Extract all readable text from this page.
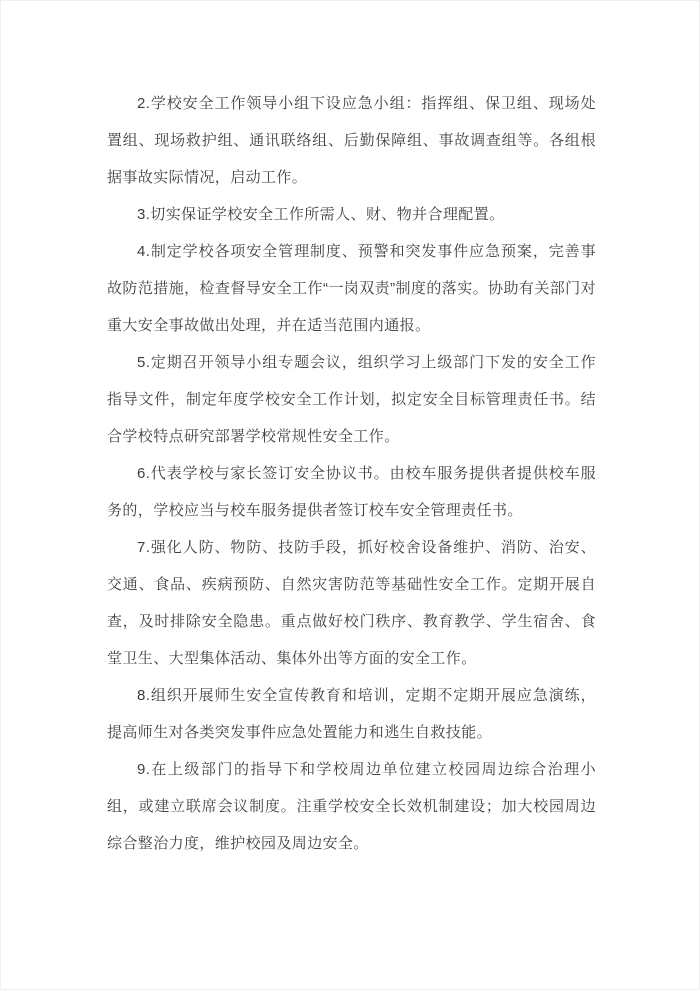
2.学校安全工作领导小组下设应急小组：指挥组、保卫组、现场处置组、现场救护组、通讯联络组、后勤保障组、事故调查组等。各组根据事故实际情况，启动工作。

3.切实保证学校安全工作所需人、财、物并合理配置。

4.制定学校各项安全管理制度、预警和突发事件应急预案，完善事故防范措施，检查督导安全工作“一岗双责”制度的落实。协助有关部门对重大安全事故做出处理，并在适当范围内通报。

5.定期召开领导小组专题会议，组织学习上级部门下发的安全工作指导文件，制定年度学校安全工作计划，拟定安全目标管理责任书。结合学校特点研究部署学校常规性安全工作。

6.代表学校与家长签订安全协议书。由校车服务提供者提供校车服务的，学校应当与校车服务提供者签订校车安全管理责任书。

7.强化人防、物防、技防手段，抓好校舍设备维护、消防、治安、交通、食品、疾病预防、自然灾害防范等基础性安全工作。定期开展自查，及时排除安全隐患。重点做好校门秩序、教育教学、学生宿舍、食堂卫生、大型集体活动、集体外出等方面的安全工作。

8.组织开展师生安全宣传教育和培训，定期不定期开展应急演练，提高师生对各类突发事件应急处置能力和逃生自救技能。

9.在上级部门的指导下和学校周边单位建立校园周边综合治理小组，或建立联席会议制度。注重学校安全长效机制建设；加大校园周边综合整治力度，维护校园及周边安全。
